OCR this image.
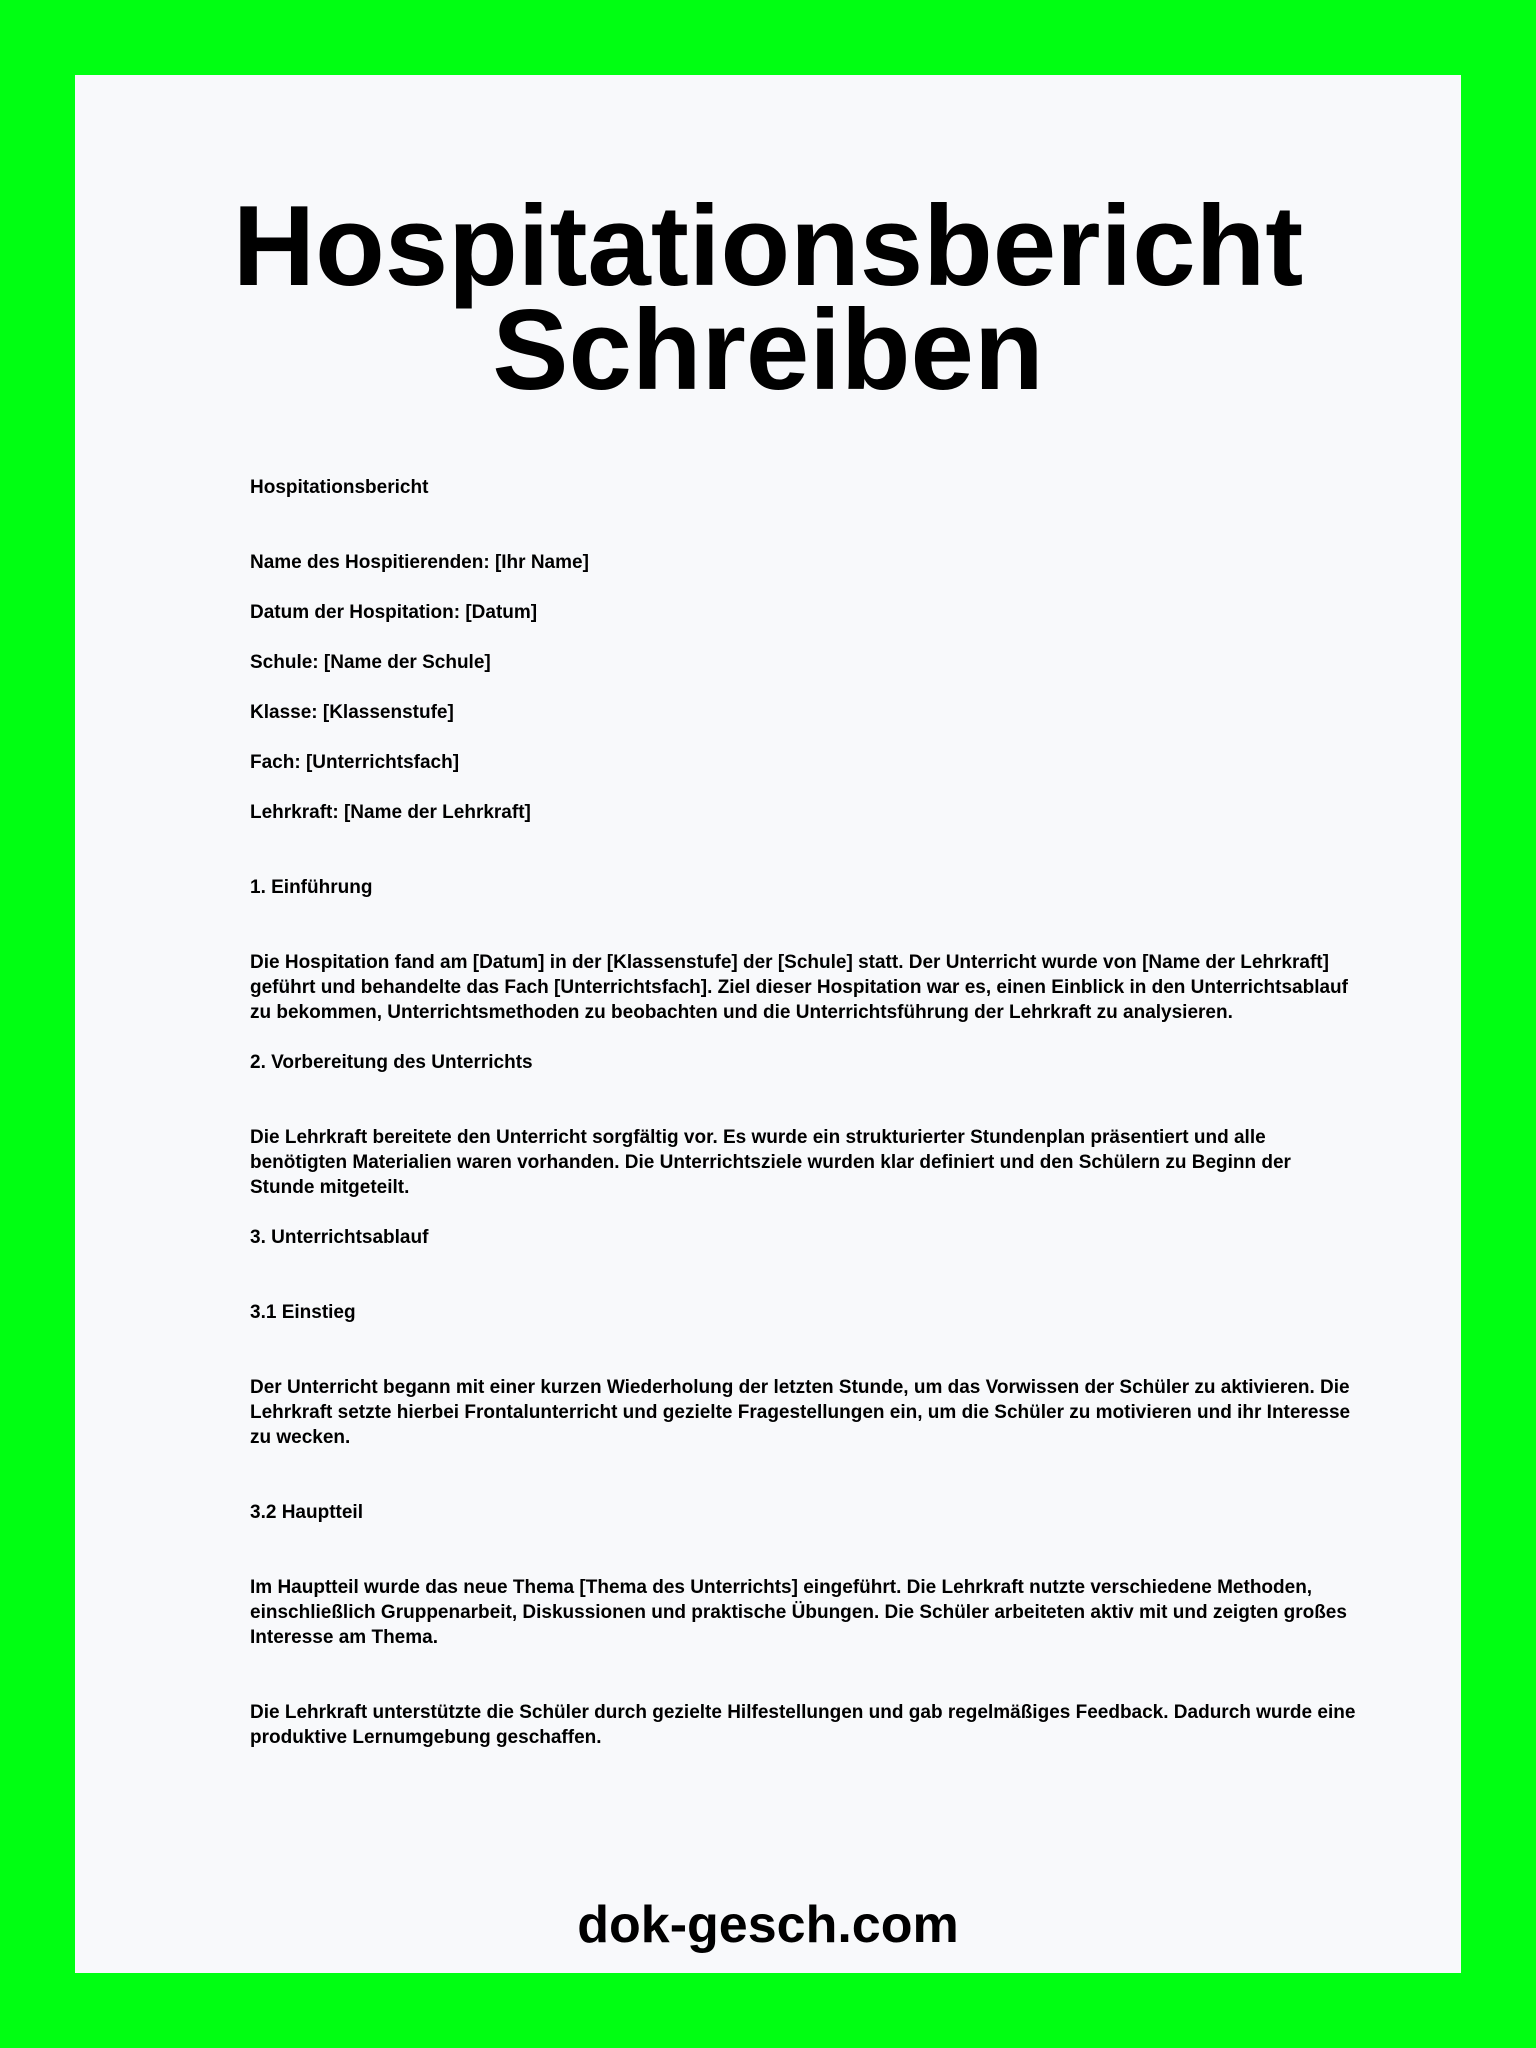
Hospitationsbericht
Schreiben

Hospitationsbericht

Name des Hospitierenden: [Ihr Name]

Datum der Hospitation: [Datum]

Schule: [Name der Schule]

Klasse: [Klassenstufe]

Fach: [Unterrichtsfach]

Lehrkraft: [Name der Lehrkraft]

1. Einführung

Die Hospitation fand am [Datum] in der [Klassenstufe] der [Schule] statt. Der Unterricht wurde von [Name der Lehrkraft] geführt und behandelte das Fach [Unterrichtsfach]. Ziel dieser Hospitation war es, einen Einblick in den Unterrichtsablauf zu bekommen, Unterrichtsmethoden zu beobachten und die Unterrichtsführung der Lehrkraft zu analysieren.

2. Vorbereitung des Unterrichts

Die Lehrkraft bereitete den Unterricht sorgfältig vor. Es wurde ein strukturierter Stundenplan präsentiert und alle benötigten Materialien waren vorhanden. Die Unterrichtsziele wurden klar definiert und den Schülern zu Beginn der Stunde mitgeteilt.

3. Unterrichtsablauf

3.1 Einstieg

Der Unterricht begann mit einer kurzen Wiederholung der letzten Stunde, um das Vorwissen der Schüler zu aktivieren. Die Lehrkraft setzte hierbei Frontalunterricht und gezielte Fragestellungen ein, um die Schüler zu motivieren und ihr Interesse zu wecken.

3.2 Hauptteil

Im Hauptteil wurde das neue Thema [Thema des Unterrichts] eingeführt. Die Lehrkraft nutzte verschiedene Methoden, einschließlich Gruppenarbeit, Diskussionen und praktische Übungen. Die Schüler arbeiteten aktiv mit und zeigten großes Interesse am Thema.

Die Lehrkraft unterstützte die Schüler durch gezielte Hilfestellungen und gab regelmäßiges Feedback. Dadurch wurde eine produktive Lernumgebung geschaffen.

dok-gesch.com
